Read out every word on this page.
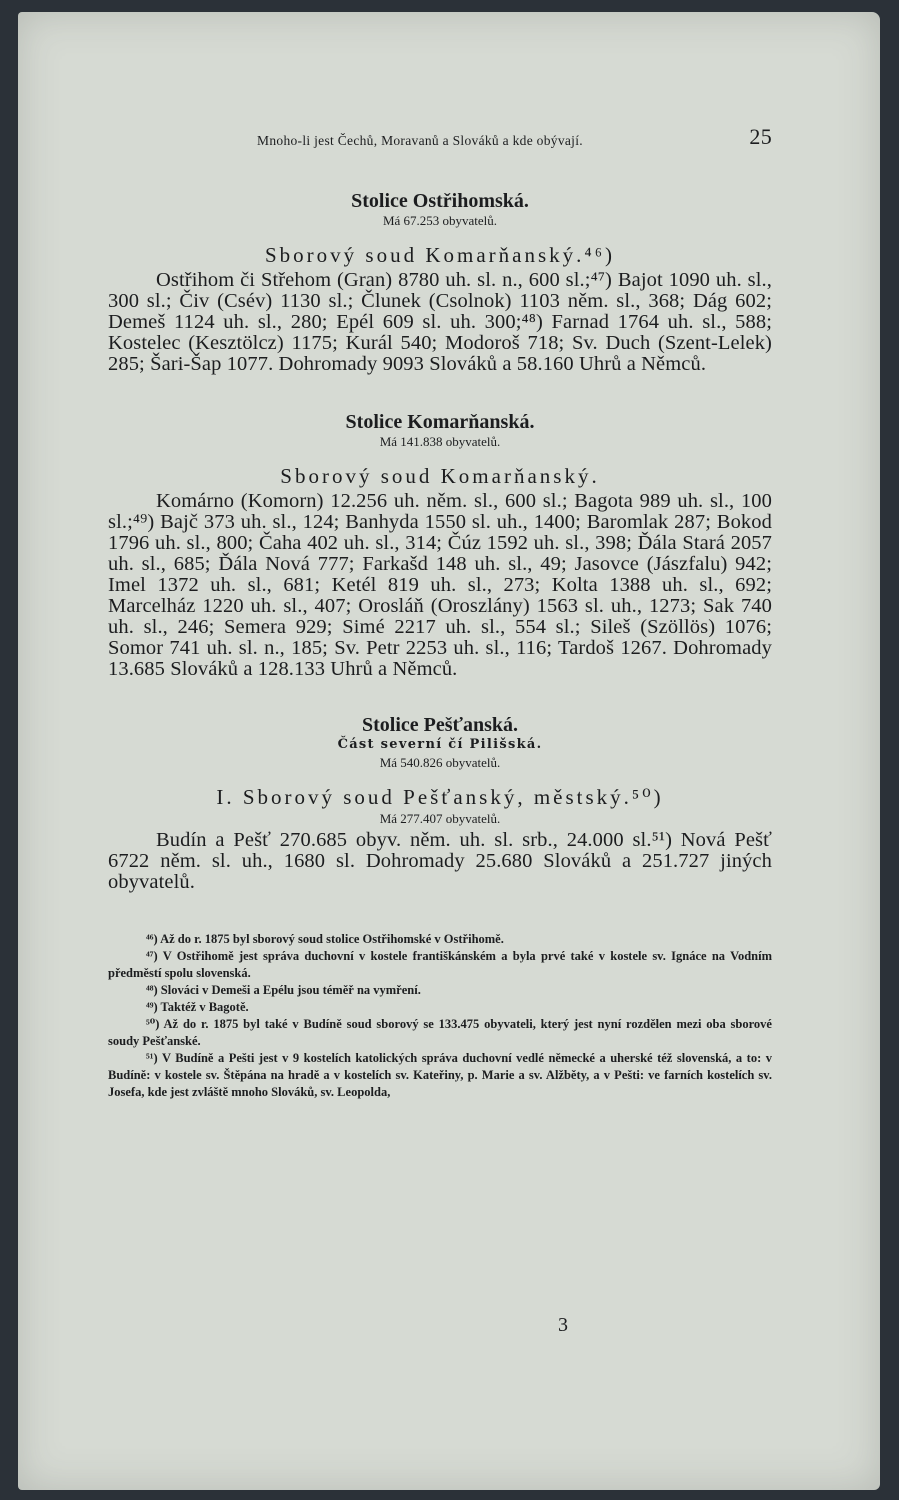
Mnoho-li jest Čechů, Moravanů a Slováků a kde obývají.	25
Stolice Ostřihomská.
Má 67.253 obyvatelů.
Sborový soud Komarňanský.⁴⁶)

Ostřihom či Střehom (Gran) 8780 uh. sl. n., 600 sl.;⁴⁷) Bajot 1090 uh. sl., 300 sl.; Čiv (Csév) 1130 sl.; Člunek (Csolnok) 1103 něm. sl., 368; Dág 602; Demeš 1124 uh. sl., 280; Epél 609 sl. uh. 300;⁴⁸) Farnad 1764 uh. sl., 588; Kostelec (Kesztölcz) 1175; Kurál 540; Modoroš 718; Sv. Duch (Szent-Lelek) 285; Šari-Šap 1077. Dohromady 9093 Slováků a 58.160 Uhrů a Němců.

Stolice Komarňanská.
Má 141.838 obyvatelů.
Sborový soud Komarňanský.

Komárno (Komorn) 12.256 uh. něm. sl., 600 sl.; Bagota 989 uh. sl., 100 sl.;⁴⁹) Bajč 373 uh. sl., 124; Banhyda 1550 sl. uh., 1400; Baromlak 287; Bokod 1796 uh. sl., 800; Čaha 402 uh. sl., 314; Čúz 1592 uh. sl., 398; Ďála Stará 2057 uh. sl., 685; Ďála Nová 777; Farkašd 148 uh. sl., 49; Jasovce (Jászfalu) 942; Imel 1372 uh. sl., 681; Ketél 819 uh. sl., 273; Kolta 1388 uh. sl., 692; Marcelház 1220 uh. sl., 407; Orosláň (Oroszlány) 1563 sl. uh., 1273; Sak 740 uh. sl., 246; Semera 929; Simé 2217 uh. sl., 554 sl.; Sileš (Szöllös) 1076; Somor 741 uh. sl. n., 185; Sv. Petr 2253 uh. sl., 116; Tardoš 1267. Dohromady 13.685 Slováků a 128.133 Uhrů a Němců.

Stolice Pešťanská.
Část severní čí Pilišská.
Má 540.826 obyvatelů.
I. Sborový soud Pešťanský, městský.⁵⁰)
Má 277.407 obyvatelů.

Budín a Pešť 270.685 obyv. něm. uh. sl. srb., 24.000 sl.⁵¹) Nová Pešť 6722 něm. sl. uh., 1680 sl. Dohromady 25.680 Slováků a 251.727 jiných obyvatelů.

⁴⁶) Až do r. 1875 byl sborový soud stolice Ostřihomské v Ostřihomě.

⁴⁷) V Ostřihomě jest správa duchovní v kostele františkánském a byla prvé také v kostele sv. Ignáce na Vodním předměstí spolu slovenská.

⁴⁸) Slováci v Demeši a Epélu jsou téměř na vymření.

⁴⁹) Taktéž v Bagotě.

⁵⁰) Až do r. 1875 byl také v Budíně soud sborový se 133.475 obyvateli, který jest nyní rozdělen mezi oba sborové soudy Pešťanské.

⁵¹) V Budíně a Pešti jest v 9 kostelích katolických správa duchovní vedlé německé a uherské též slovenská, a to: v Budíně: v kostele sv. Štěpána na hradě a v kostelích sv. Kateřiny, p. Marie a sv. Alžběty, a v Pešti: ve farních kostelích sv. Josefa, kde jest zvláště mnoho Slováků, sv. Leopolda,

3
